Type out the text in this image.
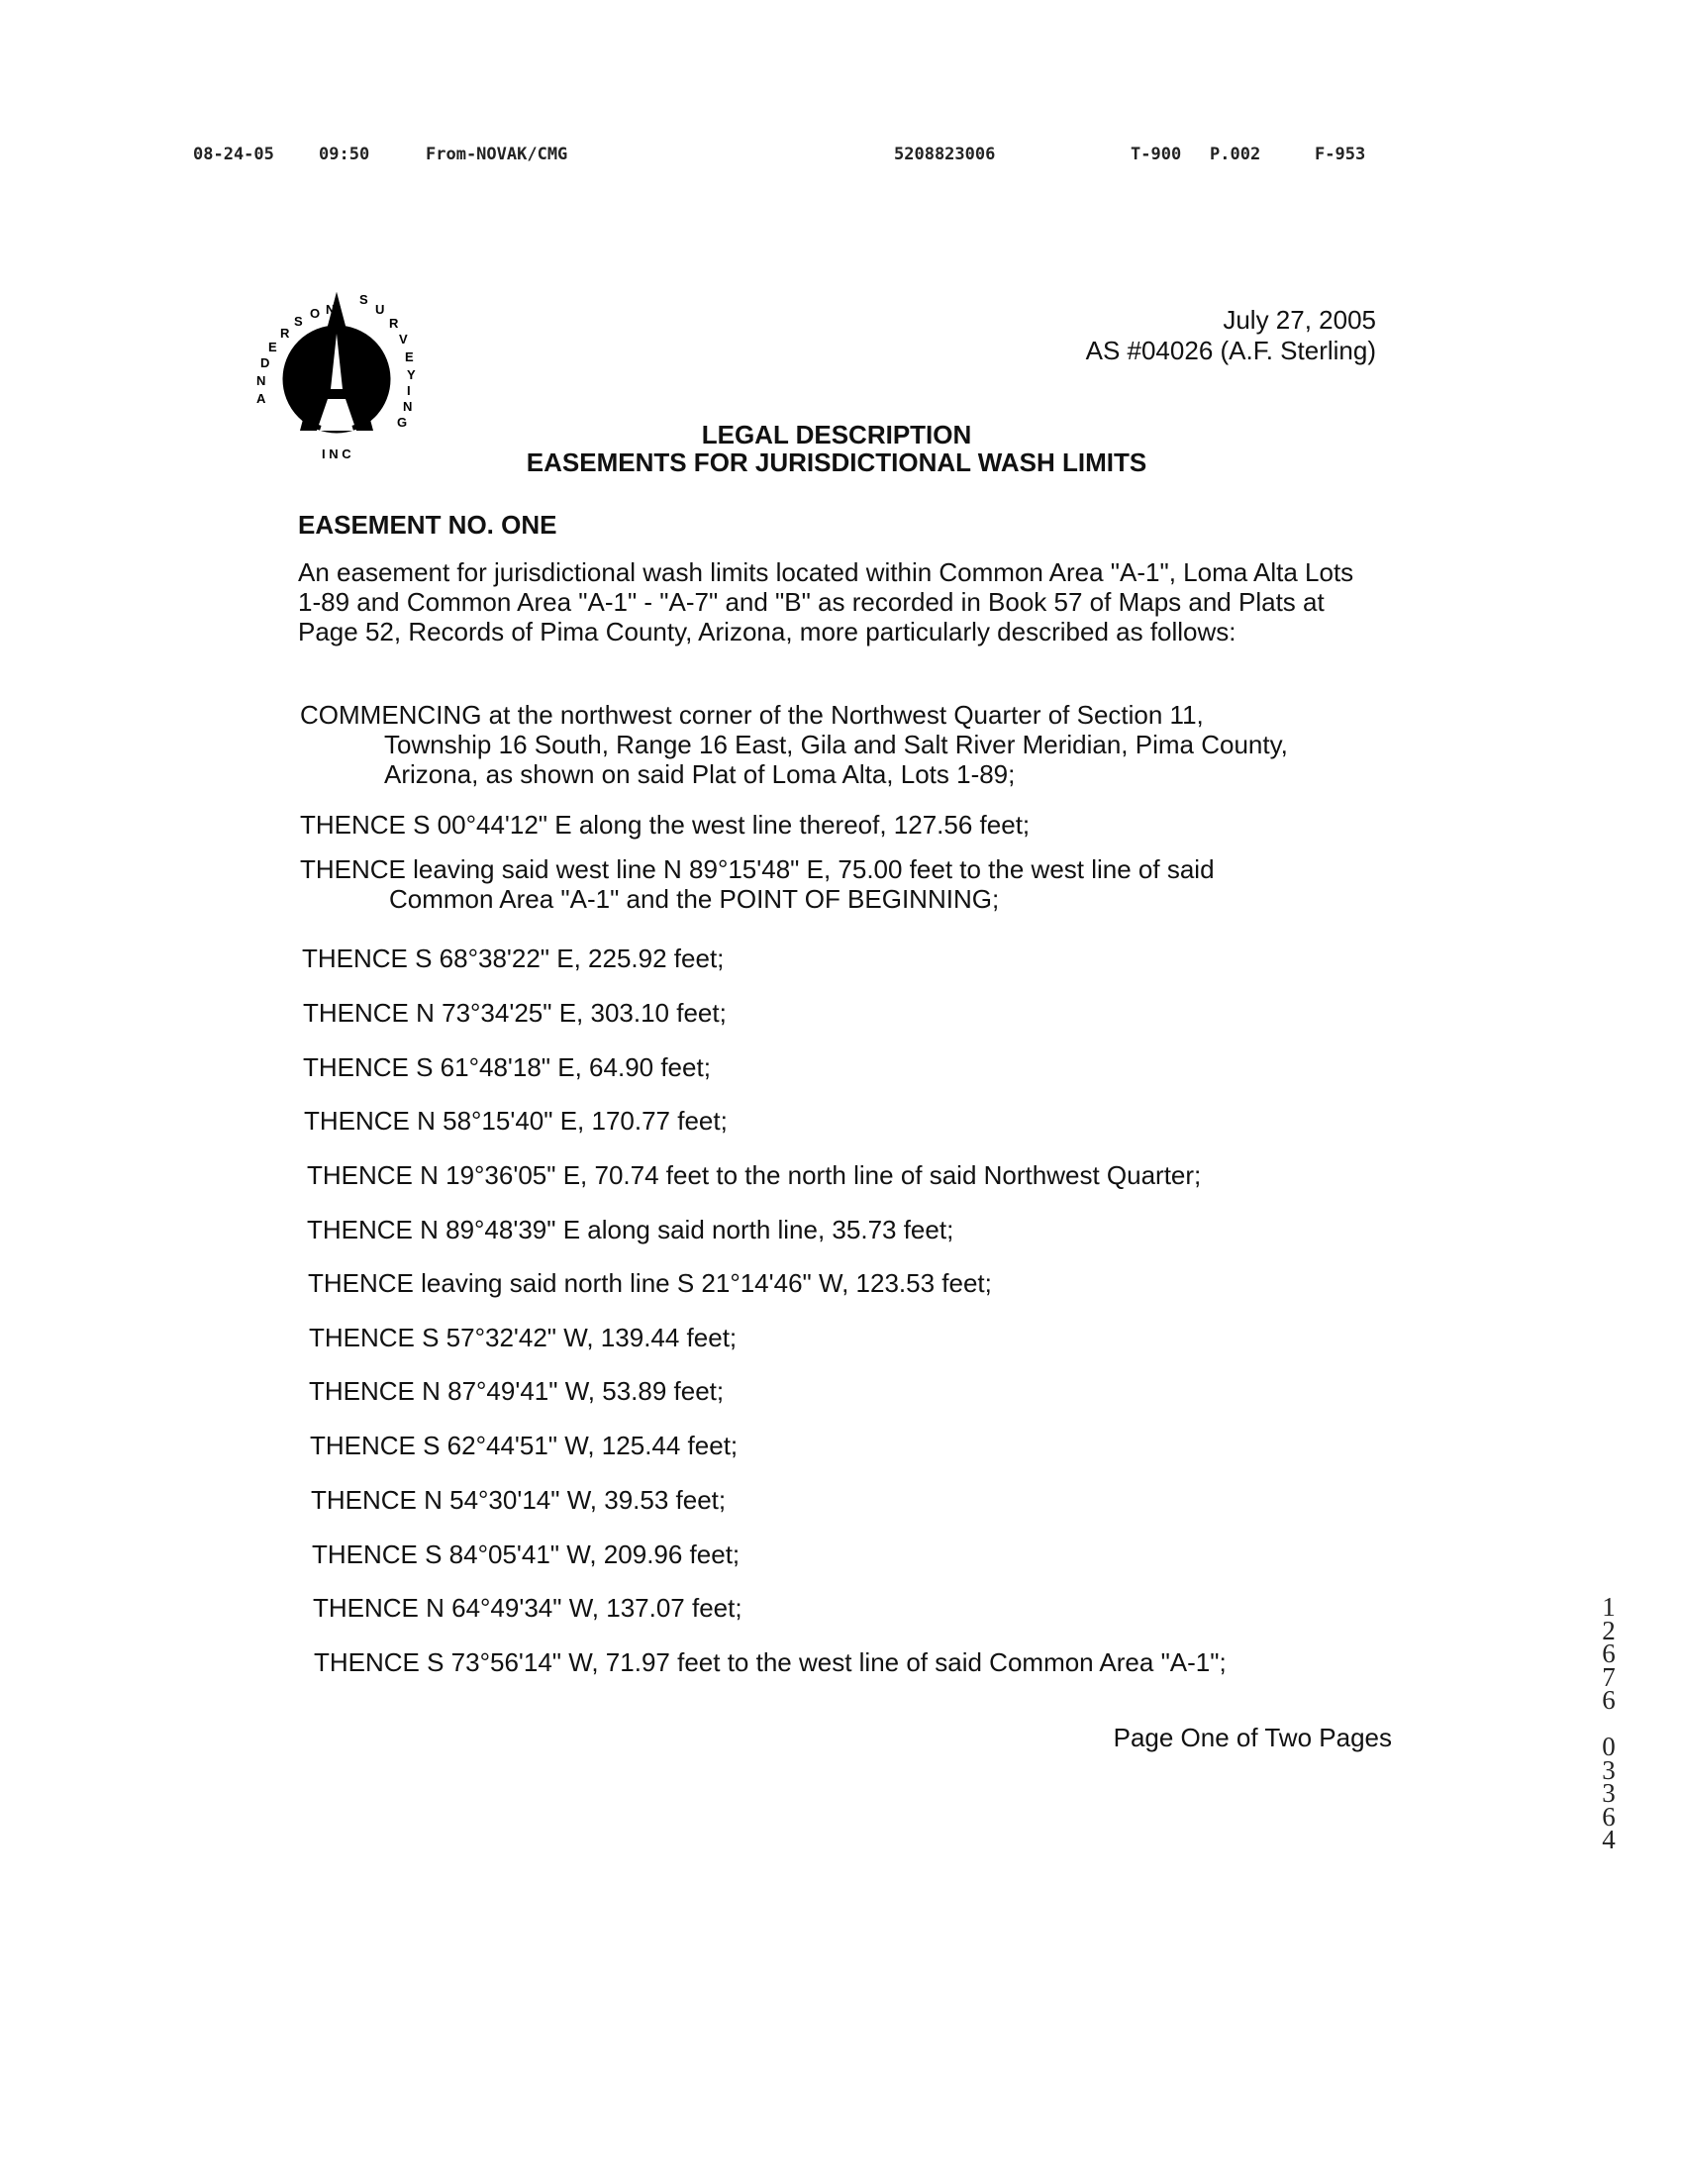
08-24-05	09:50	From-NOVAK/CMG	5208823006	T-900 P.002	F-953
A
N
D
E
R
S
O N
S
U
R
V
E
Y
I
N
G
I N C
July 27, 2005
AS #04026 (A.F. Sterling)
LEGAL DESCRIPTION
EASEMENTS FOR JURISDICTIONAL WASH LIMITS
EASEMENT NO. ONE
An easement for jurisdictional wash limits located within Common Area "A-1", Loma Alta Lots 1-89 and Common Area "A-1" - "A-7" and "B" as recorded in Book 57 of Maps and Plats at Page 52, Records of Pima County, Arizona, more particularly described as follows:
COMMENCING at the northwest corner of the Northwest Quarter of Section 11,
Township 16 South, Range 16 East, Gila and Salt River Meridian, Pima County,
Arizona, as shown on said Plat of Loma Alta, Lots 1-89;
THENCE S 00°44'12" E along the west line thereof, 127.56 feet;
THENCE leaving said west line N 89°15'48" E, 75.00 feet to the west line of said
Common Area "A-1" and the POINT OF BEGINNING;
THENCE S 68°38'22" E, 225.92 feet;
THENCE N 73°34'25" E, 303.10 feet;
THENCE S 61°48'18" E, 64.90 feet;
THENCE N 58°15'40" E, 170.77 feet;
THENCE N 19°36'05" E, 70.74 feet to the north line of said Northwest Quarter;
THENCE N 89°48'39" E along said north line, 35.73 feet;
THENCE leaving said north line S 21°14'46" W, 123.53 feet;
THENCE S 57°32'42" W, 139.44 feet;
THENCE N 87°49'41" W, 53.89 feet;
THENCE S 62°44'51" W, 125.44 feet;
THENCE N 54°30'14" W, 39.53 feet;
THENCE S 84°05'41" W, 209.96 feet;
THENCE N 64°49'34" W, 137.07 feet;
THENCE S 73°56'14" W, 71.97 feet to the west line of said Common Area "A-1";
Page One of Two Pages
1
2
6
7
6

0
3
3
6
4
